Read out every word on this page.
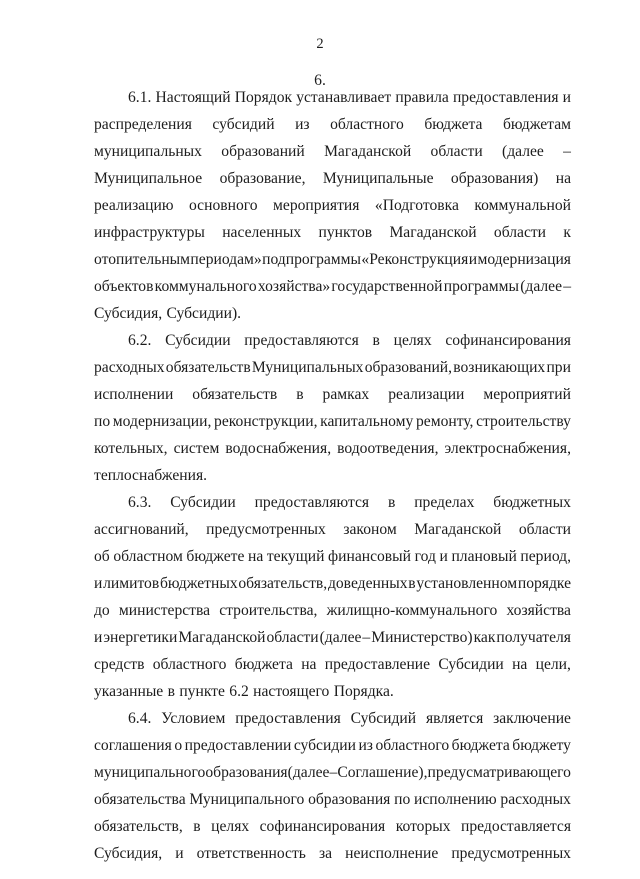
2
6.
6.1. Настоящий Порядок устанавливает правила предоставления и
распределения субсидий из областного бюджета бюджетам
муниципальных образований Магаданской области (далее –
Муниципальное образование, Муниципальные образования) на
реализацию основного мероприятия «Подготовка коммунальной
инфраструктуры населенных пунктов Магаданской области к
отопительным периодам» подпрограммы «Реконструкция и модернизация
объектов коммунального хозяйства» государственной программы (далее –
Субсидия, Субсидии).
6.2. Субсидии предоставляются в целях софинансирования
расходных обязательств Муниципальных образований, возникающих при
исполнении обязательств в рамках реализации мероприятий
по модернизации, реконструкции, капитальному ремонту, строительству
котельных, систем водоснабжения, водоотведения, электроснабжения,
теплоснабжения.
6.3. Субсидии предоставляются в пределах бюджетных
ассигнований, предусмотренных законом Магаданской области
об областном бюджете на текущий финансовый год и плановый период,
и лимитов бюджетных обязательств, доведенных в установленном порядке
до министерства строительства, жилищно-коммунального хозяйства
и энергетики Магаданской области (далее – Министерство) как получателя
средств областного бюджета на предоставление Субсидии на цели,
указанные в пункте 6.2 настоящего Порядка.
6.4. Условием предоставления Субсидий является заключение
соглашения о предоставлении субсидии из областного бюджета бюджету
муниципального образования (далее – Соглашение), предусматривающего
обязательства Муниципального образования по исполнению расходных
обязательств, в целях софинансирования которых предоставляется
Субсидия, и ответственность за неисполнение предусмотренных
